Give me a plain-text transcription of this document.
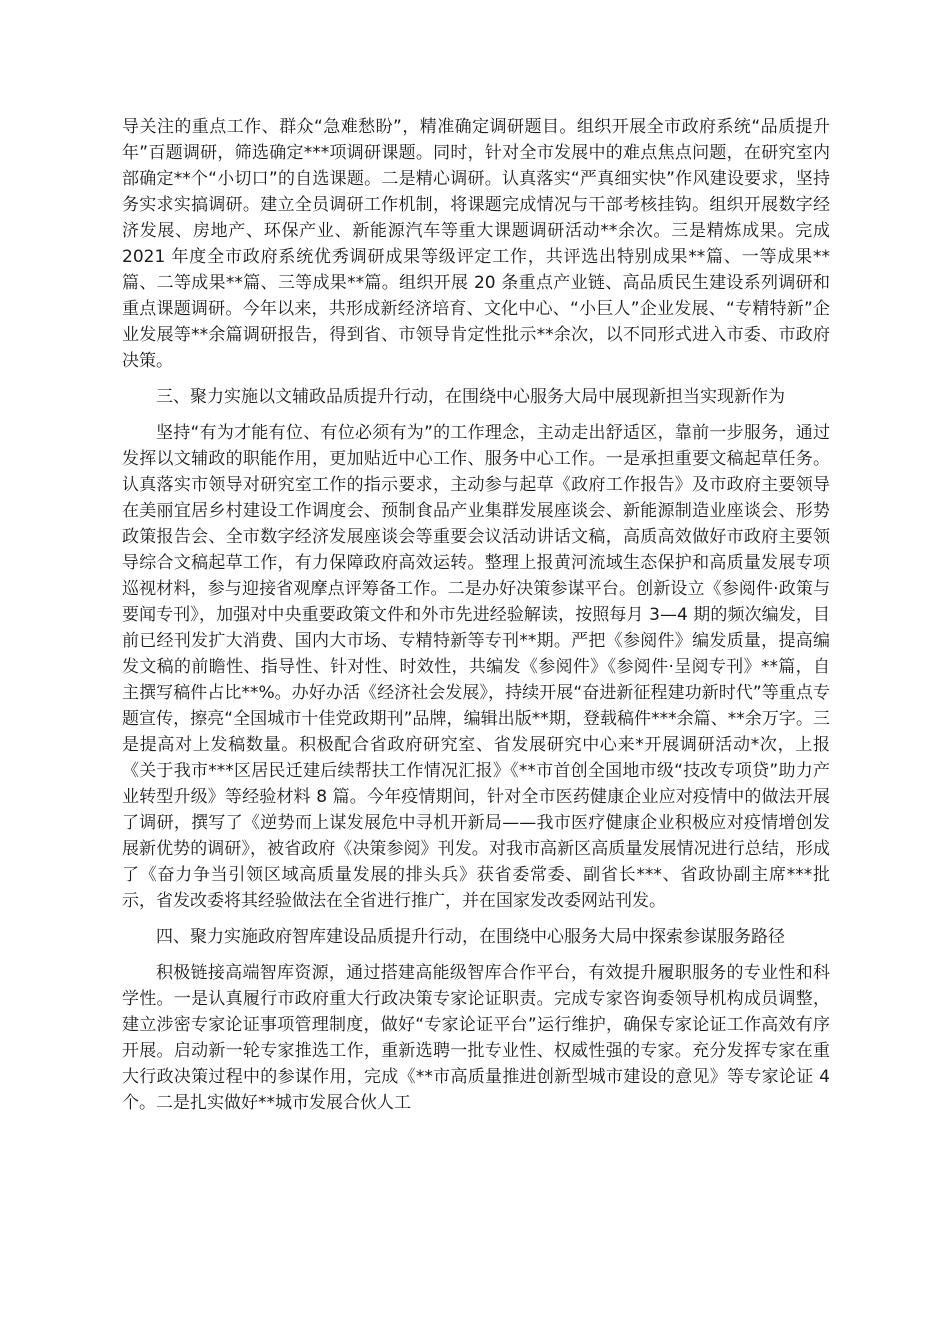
导关注的重点工作、群众“急难愁盼”，精准确定调研题目。组织开展全市政府系统“品质提升年”百题调研，筛选确定***项调研课题。同时，针对全市发展中的难点焦点问题，在研究室内部确定**个“小切口”的自选课题。二是精心调研。认真落实“严真细实快”作风建设要求，坚持务实求实搞调研。建立全员调研工作机制，将课题完成情况与干部考核挂钩。组织开展数字经济发展、房地产、环保产业、新能源汽车等重大课题调研活动**余次。三是精炼成果。完成 2021 年度全市政府系统优秀调研成果等级评定工作，共评选出特别成果**篇、一等成果**篇、二等成果**篇、三等成果**篇。组织开展 20 条重点产业链、高品质民生建设系列调研和重点课题调研。今年以来，共形成新经济培育、文化中心、“小巨人”企业发展、“专精特新”企业发展等**余篇调研报告，得到省、市领导肯定性批示**余次，以不同形式进入市委、市政府决策。

三、聚力实施以文辅政品质提升行动，在围绕中心服务大局中展现新担当实现新作为

坚持“有为才能有位、有位必须有为”的工作理念，主动走出舒适区，靠前一步服务，通过发挥以文辅政的职能作用，更加贴近中心工作、服务中心工作。一是承担重要文稿起草任务。认真落实市领导对研究室工作的指示要求，主动参与起草《政府工作报告》及市政府主要领导在美丽宜居乡村建设工作调度会、预制食品产业集群发展座谈会、新能源制造业座谈会、形势政策报告会、全市数字经济发展座谈会等重要会议活动讲话文稿，高质高效做好市政府主要领导综合文稿起草工作，有力保障政府高效运转。整理上报黄河流域生态保护和高质量发展专项巡视材料，参与迎接省观摩点评筹备工作。二是办好决策参谋平台。创新设立《参阅件·政策与要闻专刊》，加强对中央重要政策文件和外市先进经验解读，按照每月 3—4 期的频次编发，目前已经刊发扩大消费、国内大市场、专精特新等专刊**期。严把《参阅件》编发质量，提高编发文稿的前瞻性、指导性、针对性、时效性，共编发《参阅件》《参阅件·呈阅专刊》**篇，自主撰写稿件占比**%。办好办活《经济社会发展》，持续开展“奋进新征程建功新时代”等重点专题宣传，擦亮“全国城市十佳党政期刊”品牌，编辑出版**期，登载稿件***余篇、**余万字。三是提高对上发稿数量。积极配合省政府研究室、省发展研究中心来*开展调研活动*次，上报《关于我市***区居民迁建后续帮扶工作情况汇报》《**市首创全国地市级“技改专项贷”助力产业转型升级》等经验材料 8 篇。今年疫情期间，针对全市医药健康企业应对疫情中的做法开展了调研，撰写了《逆势而上谋发展危中寻机开新局——我市医疗健康企业积极应对疫情增创发展新优势的调研》，被省政府《决策参阅》刊发。对我市高新区高质量发展情况进行总结，形成了《奋力争当引领区域高质量发展的排头兵》获省委常委、副省长***、省政协副主席***批示，省发改委将其经验做法在全省进行推广，并在国家发改委网站刊发。

四、聚力实施政府智库建设品质提升行动，在围绕中心服务大局中探索参谋服务路径

积极链接高端智库资源，通过搭建高能级智库合作平台，有效提升履职服务的专业性和科学性。一是认真履行市政府重大行政决策专家论证职责。完成专家咨询委领导机构成员调整，建立涉密专家论证事项管理制度，做好“专家论证平台”运行维护，确保专家论证工作高效有序开展。启动新一轮专家推选工作，重新选聘一批专业性、权威性强的专家。充分发挥专家在重大行政决策过程中的参谋作用，完成《**市高质量推进创新型城市建设的意见》等专家论证 4 个。二是扎实做好**城市发展合伙人工
